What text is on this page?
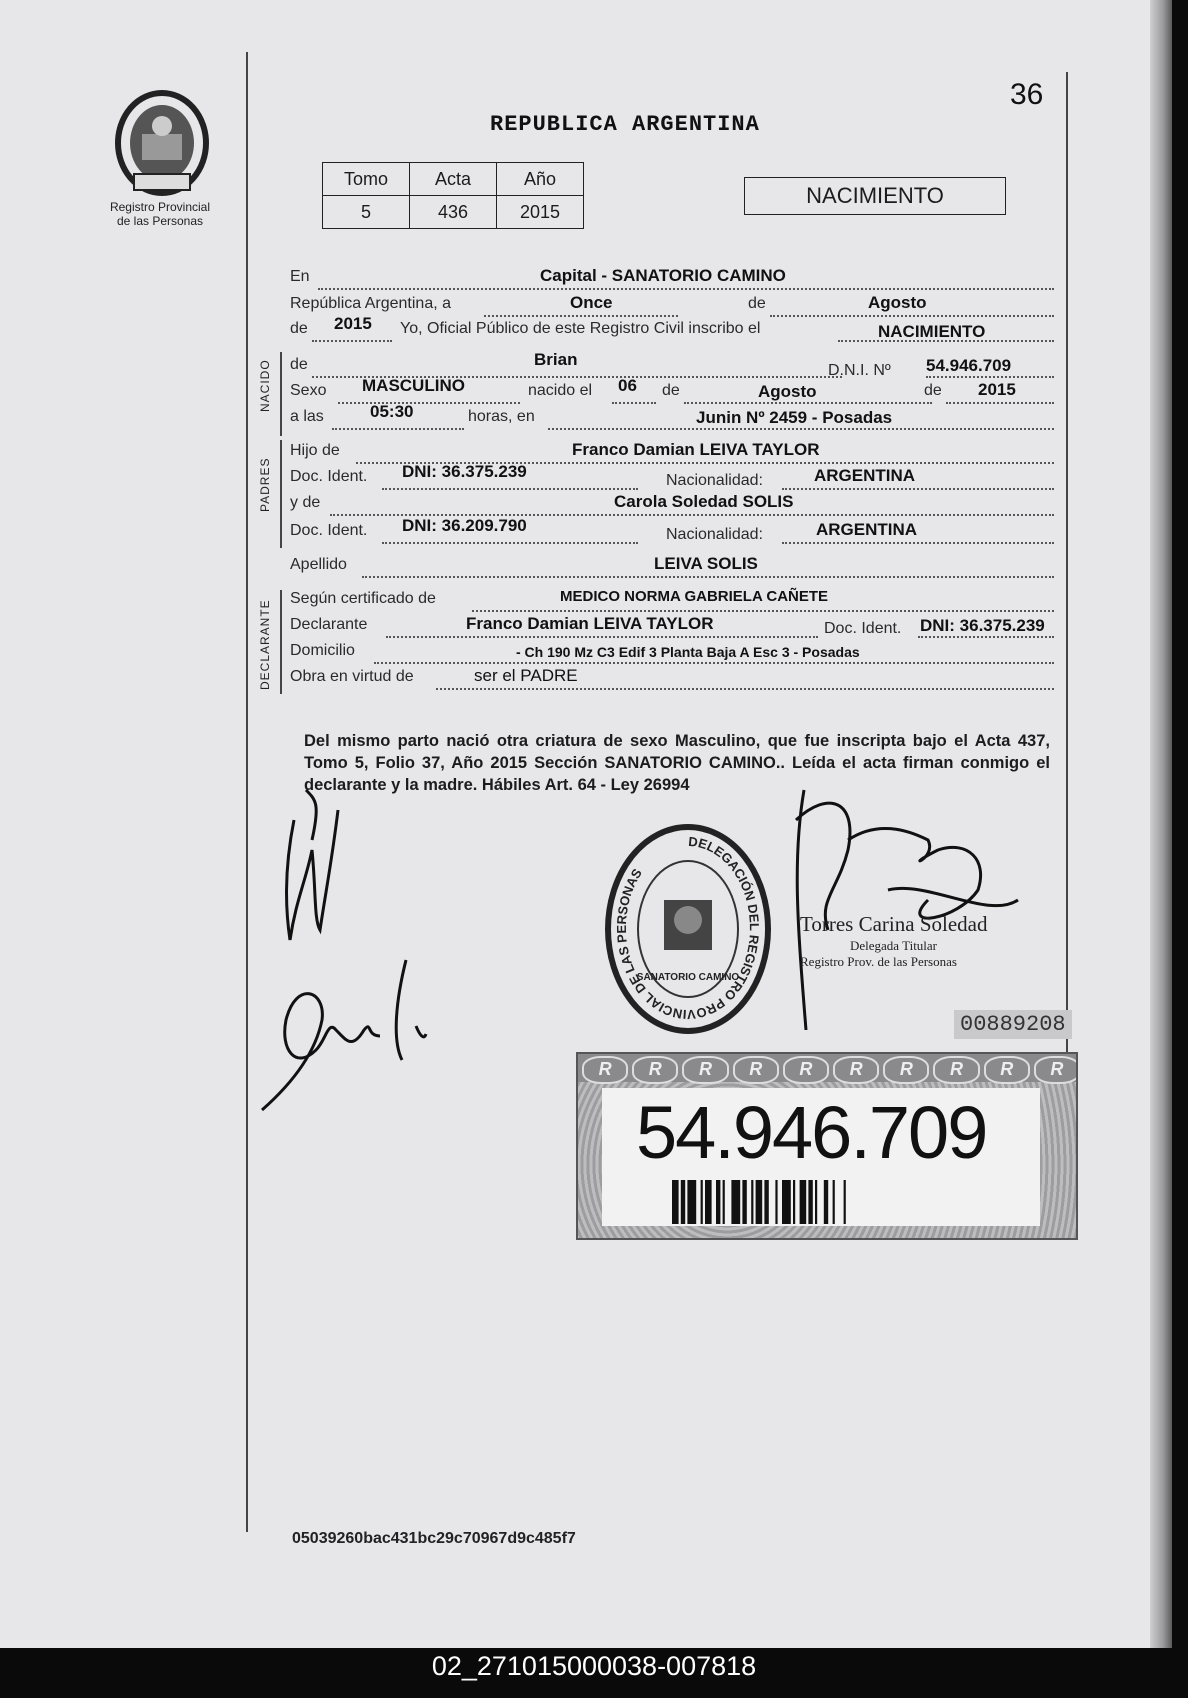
Registro Provincial
de las Personas
36
REPUBLICA ARGENTINA
Tomo	Acta	Año
5	436	2015
NACIMIENTO
NACIDO
PADRES
DECLARANTE
En	Capital - SANATORIO CAMINO
República Argentina, a	Once	de	Agosto
de 2015 Yo, Oficial Público de este Registro Civil inscribo el	NACIMIENTO
de	Brian
D.N.I. Nº 54.946.709
Sexo MASCULINO	nacido el 06 de	Agosto	de 2015
a las	05:30	horas, en	Junin Nº 2459 - Posadas
Hijo de	Franco Damian LEIVA TAYLOR
Doc. Ident. DNI: 36.375.239	Nacionalidad:	ARGENTINA
y de	Carola Soledad SOLIS
Doc. Ident. DNI: 36.209.790	Nacionalidad:	ARGENTINA
Apellido	LEIVA SOLIS
Según certificado de	MEDICO NORMA GABRIELA CAÑETE
Declarante	Franco Damian LEIVA TAYLOR	Doc. Ident. DNI: 36.375.239
Domicilio	- Ch 190 Mz C3 Edif 3 Planta Baja A Esc 3 - Posadas
Obra en virtud de	ser el PADRE
Del mismo parto nació otra criatura de sexo Masculino, que fue inscripta bajo el Acta 437, Tomo 5, Folio 37, Año 2015 Sección SANATORIO CAMINO.. Leída el acta firman conmigo el declarante y la madre. Hábiles Art. 64 - Ley 26994
DELEGACIÓN DEL REGISTRO PROVINCIAL DE LAS PERSONAS
SANATORIO CAMINO
Torres Carina Soledad
Delegada Titular
Registro Prov. de las Personas
00889208
R	R	R	R	R	R	R	R	R	R
54.946.709
05039260bac431bc29c70967d9c485f7
02_271015000038-007818
